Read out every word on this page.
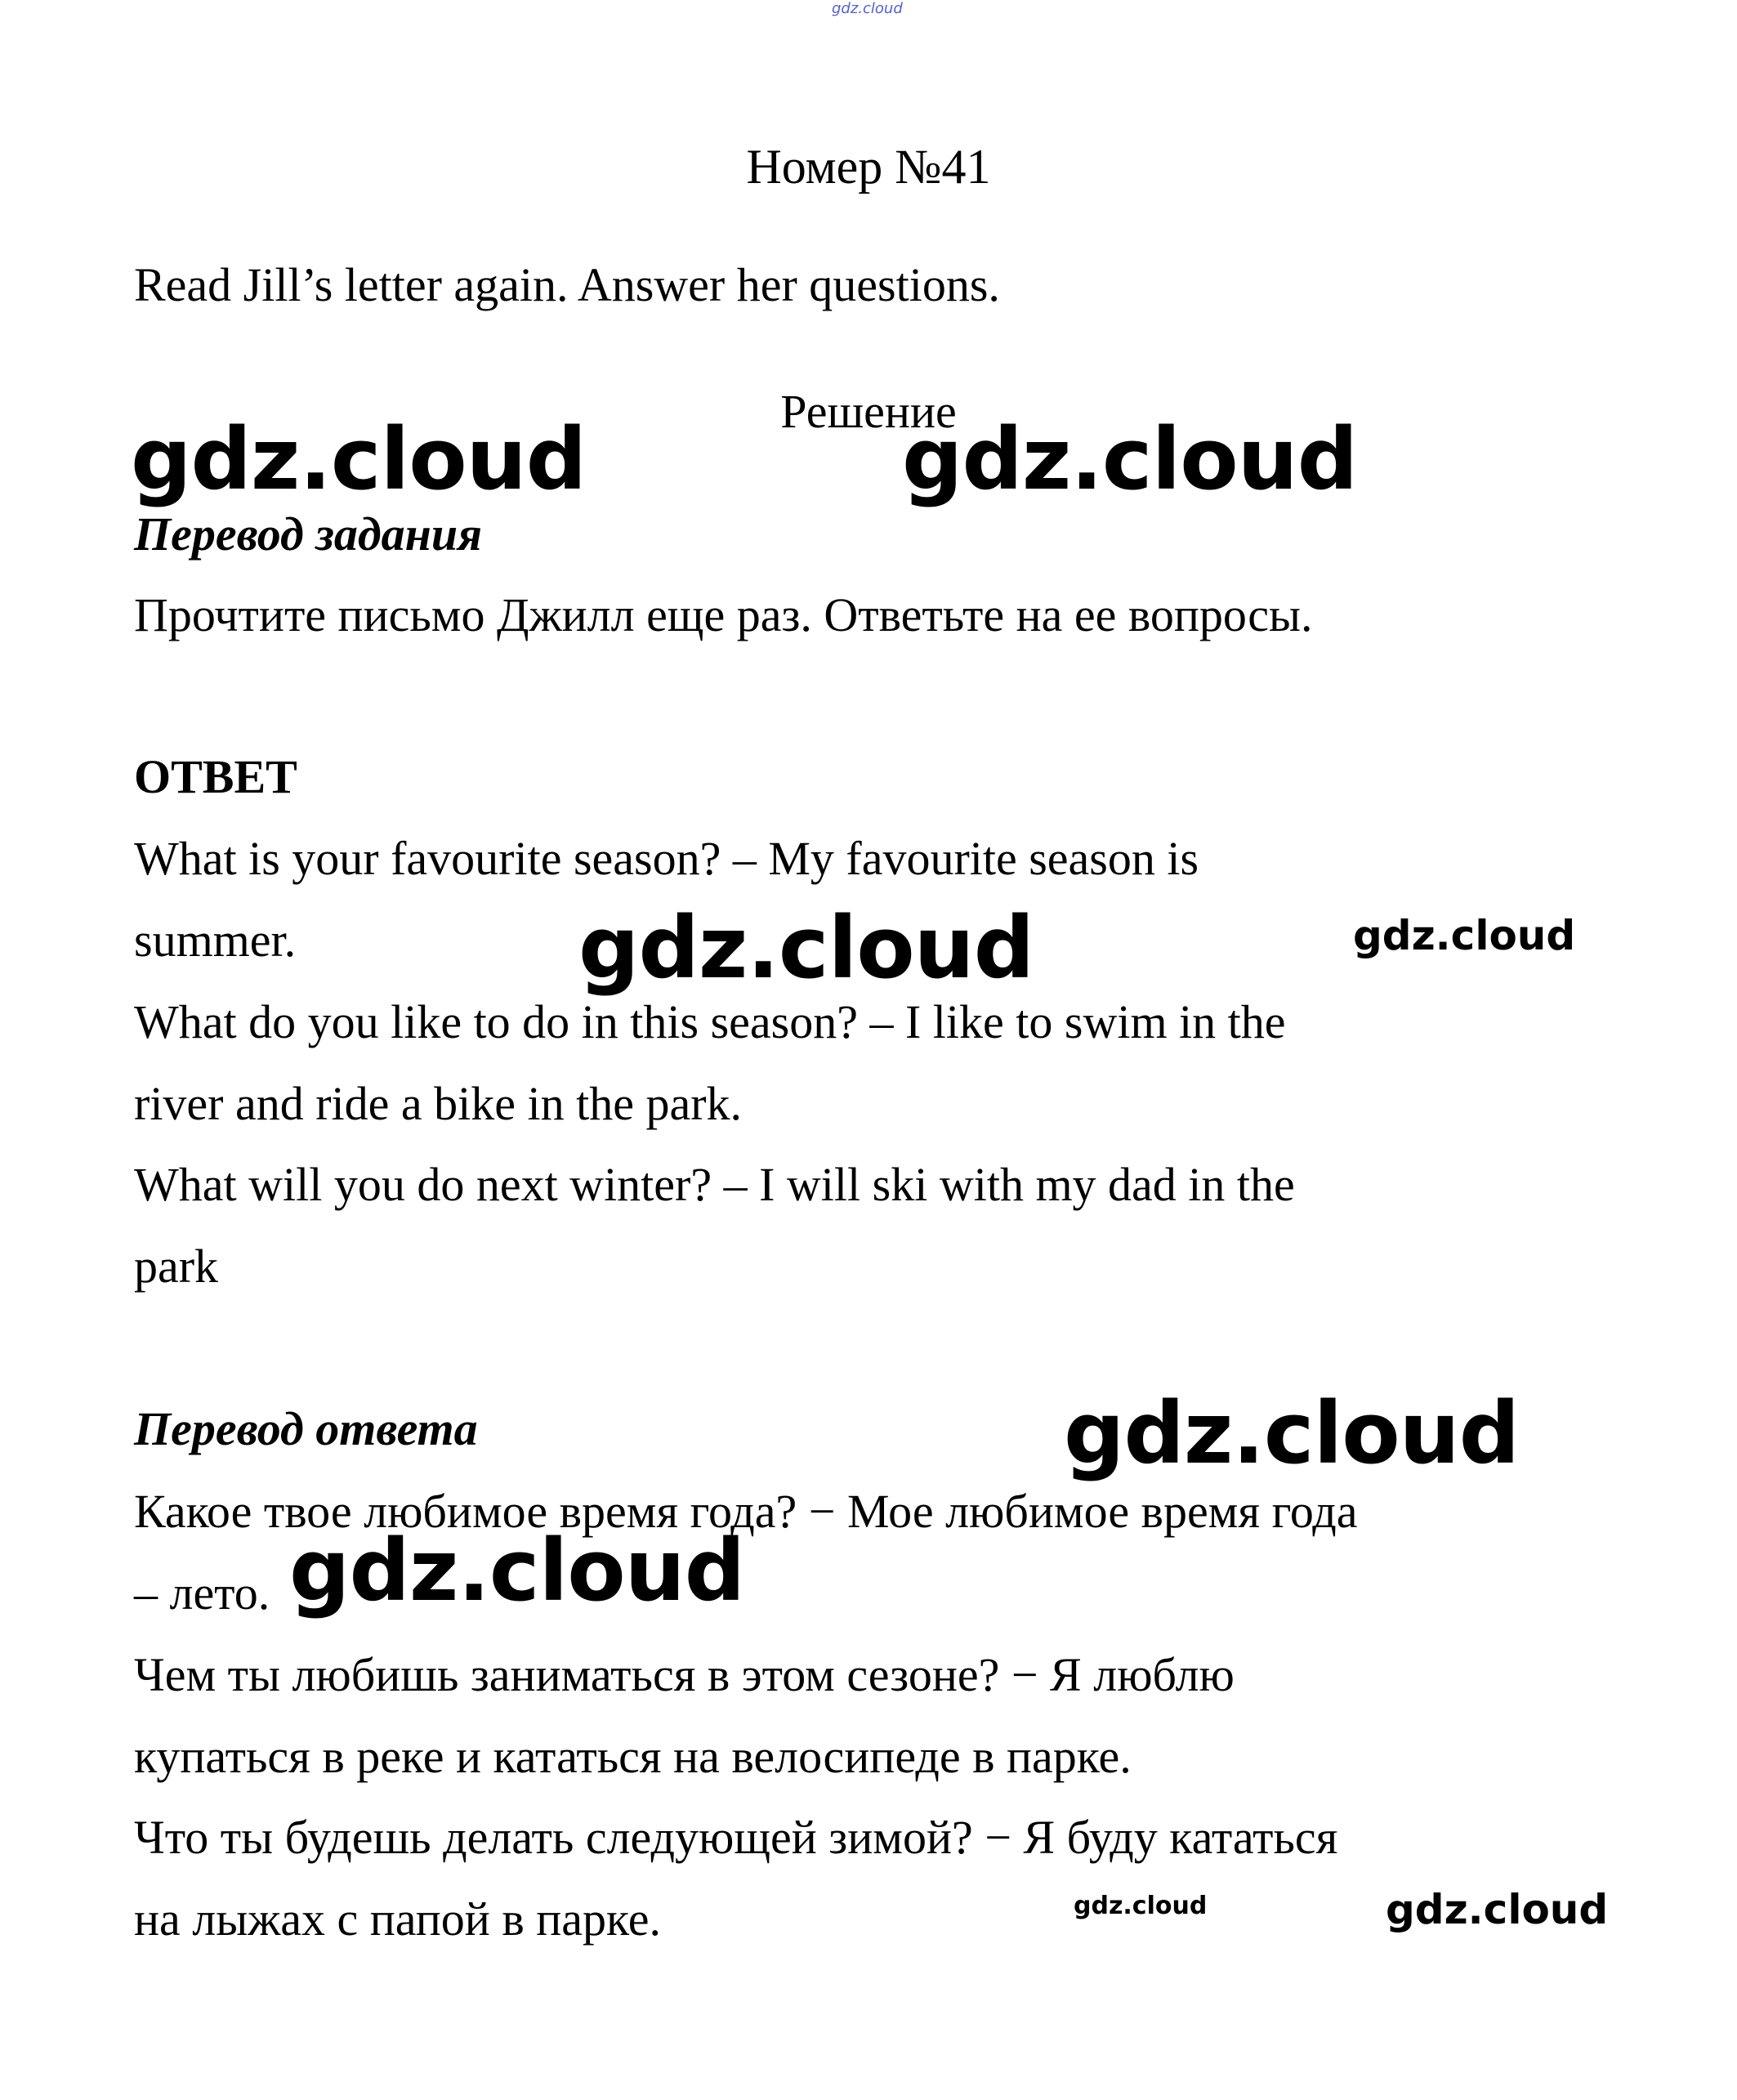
gdz.cloud
Номер №41
Read Jill’s letter again. Answer her questions.
Решение
Перевод задания
Прочтите письмо Джилл еще раз. Ответьте на ее вопросы.
ОТВЕТ
What is your favourite season? – My favourite season is
summer.
What do you like to do in this season? – I like to swim in the
river and ride a bike in the park.
What will you do next winter? – I will ski with my dad in the
park
Перевод ответа
Какое твое любимое время года? − Мое любимое время года
– лето.
Чем ты любишь заниматься в этом сезоне? − Я люблю
купаться в реке и кататься на велосипеде в парке.
Что ты будешь делать следующей зимой? − Я буду кататься
на лыжах с папой в парке.
gdz.cloud	gdz.cloud
gdz.cloud	gdz.cloud
gdz.cloud
gdz.cloud
gdz.cloud	gdz.cloud
